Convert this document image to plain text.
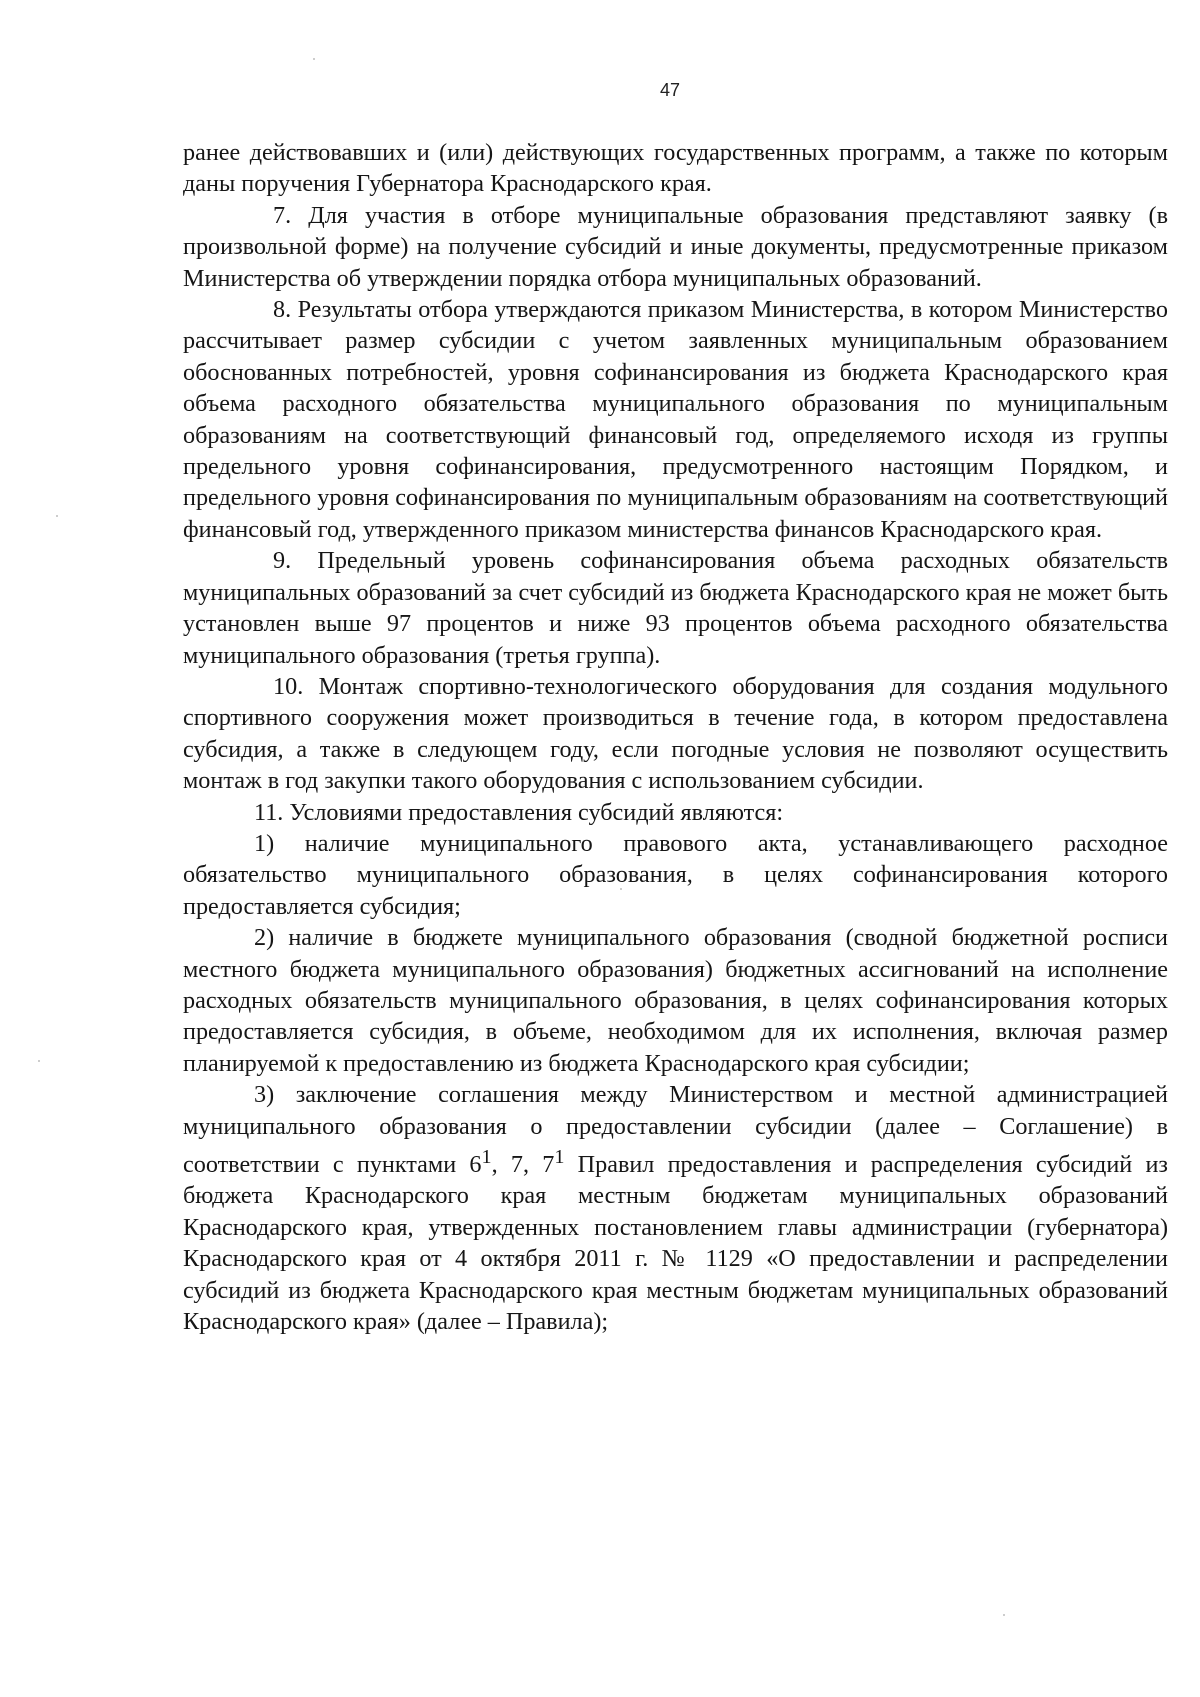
47

ранее действовавших и (или) действующих государственных программ, а также по которым даны поручения Губернатора Краснодарского края.

7. Для участия в отборе муниципальные образования представляют заявку (в произвольной форме) на получение субсидий и иные документы, предусмотренные приказом Министерства об утверждении порядка отбора муниципальных образований.

8. Результаты отбора утверждаются приказом Министерства, в котором Министерство рассчитывает размер субсидии с учетом заявленных муниципальным образованием обоснованных потребностей, уровня софинансирования из бюджета Краснодарского края объема расходного обязательства муниципального образования по муниципальным образованиям на соответствующий финансовый год, определяемого исходя из группы предельного уровня софинансирования, предусмотренного настоящим Порядком, и предельного уровня софинансирования по муниципальным образованиям на соответствующий финансовый год, утвержденного приказом министерства финансов Краснодарского края.

9. Предельный уровень софинансирования объема расходных обязательств муниципальных образований за счет субсидий из бюджета Краснодарского края не может быть установлен выше 97 процентов и ниже 93 процентов объема расходного обязательства муниципального образования (третья группа).

10. Монтаж спортивно-технологического оборудования для создания модульного спортивного сооружения может производиться в течение года, в котором предоставлена субсидия, а также в следующем году, если погодные условия не позволяют осуществить монтаж в год закупки такого оборудования с использованием субсидии.

11. Условиями предоставления субсидий являются:

1) наличие муниципального правового акта, устанавливающего расходное обязательство муниципального образования, в целях софинансирования которого предоставляется субсидия;

2) наличие в бюджете муниципального образования (сводной бюджетной росписи местного бюджета муниципального образования) бюджетных ассигнований на исполнение расходных обязательств муниципального образования, в целях софинансирования которых предоставляется субсидия, в объеме, необходимом для их исполнения, включая размер планируемой к предоставлению из бюджета Краснодарского края субсидии;

3) заключение соглашения между Министерством и местной администрацией муниципального образования о предоставлении субсидии (далее – Соглашение) в соответствии с пунктами $6^1$, 7, $7^1$ Правил предоставления и распределения субсидий из бюджета Краснодарского края местным бюджетам муниципальных образований Краснодарского края, утвержденных постановлением главы администрации (губернатора) Краснодарского края от 4 октября 2011 г. № 1129 «О предоставлении и распределении субсидий из бюджета Краснодарского края местным бюджетам муниципальных образований Краснодарского края» (далее – Правила);
